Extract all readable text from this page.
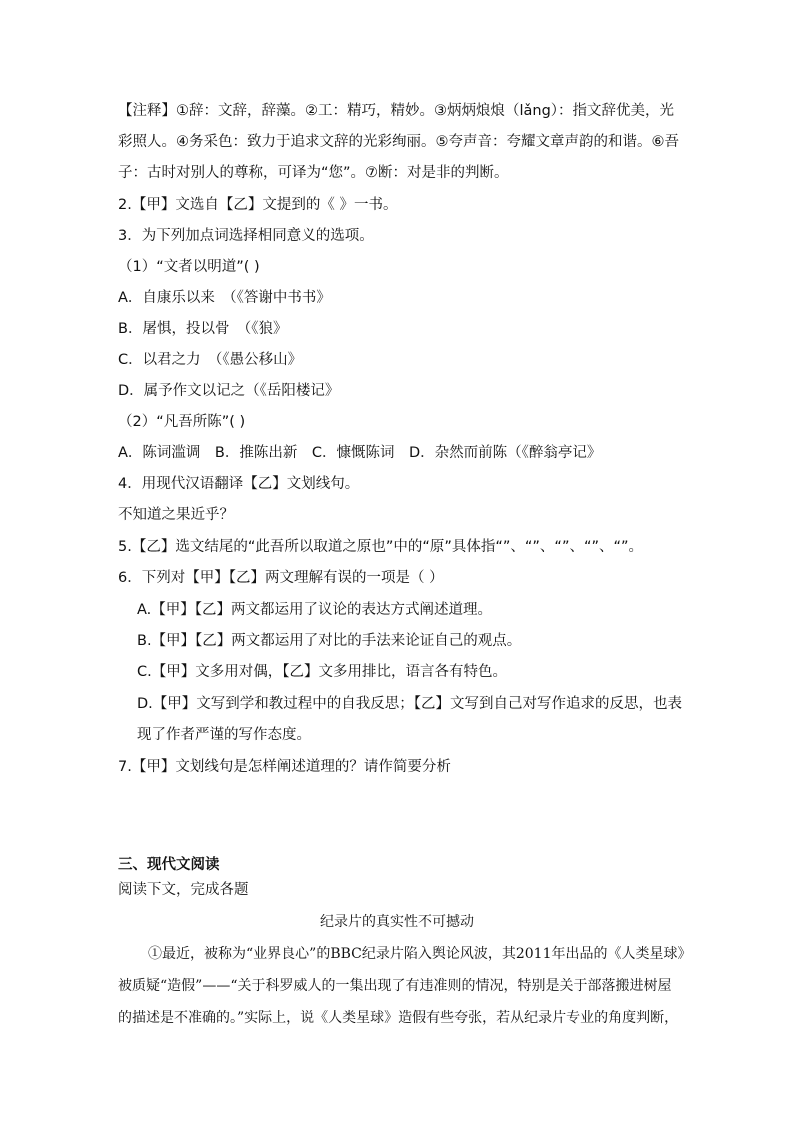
【注释】①辞：文辞，辞藻。②工：精巧，精妙。③炳炳烺烺（lǎng）：指文辞优美，光
彩照人。④务采色：致力于追求文辞的光彩绚丽。⑤夸声音：夸耀文章声韵的和谐。⑥吾
子：古时对别人的尊称，可译为“您”。⑦断：对是非的判断。
2.【甲】文选自【乙】文提到的《 》一书。
3．为下列加点词选择相同意义的选项。
（1）“文者以明道”( )
A．自康乐以来　（《答谢中书书》
B．屠惧，投以骨　（《狼》
C．以君之力　（《愚公移山》
D．属予作文以记之（《岳阳楼记》
（2）“凡吾所陈”( )
A．陈词滥调　B．推陈出新　C．慷慨陈词　D．杂然而前陈（《醉翁亭记》
4．用现代汉语翻译【乙】文划线句。
不知道之果近乎？
5.【乙】选文结尾的“此吾所以取道之原也”中的“原”具体指“”、“”、“”、“”、“”。
6．下列对【甲】【乙】两文理解有误的一项是（ ）
A.【甲】【乙】两文都运用了议论的表达方式阐述道理。
B.【甲】【乙】两文都运用了对比的手法来论证自己的观点。
C.【甲】文多用对偶，【乙】文多用排比，语言各有特色。
D.【甲】文写到学和教过程中的自我反思；【乙】文写到自己对写作追求的反思，也表
现了作者严谨的写作态度。
7.【甲】文划线句是怎样阐述道理的？请作简要分析
三、现代文阅读
阅读下文，完成各题
纪录片的真实性不可撼动
①最近，被称为“业界良心”的BBC纪录片陷入舆论风波，其2011年出品的《人类星球》
被质疑“造假”——“关于科罗威人的一集出现了有违准则的情况，特别是关于部落搬进树屋
的描述是不准确的。”实际上，说《人类星球》造假有些夸张，若从纪录片专业的角度判断，
